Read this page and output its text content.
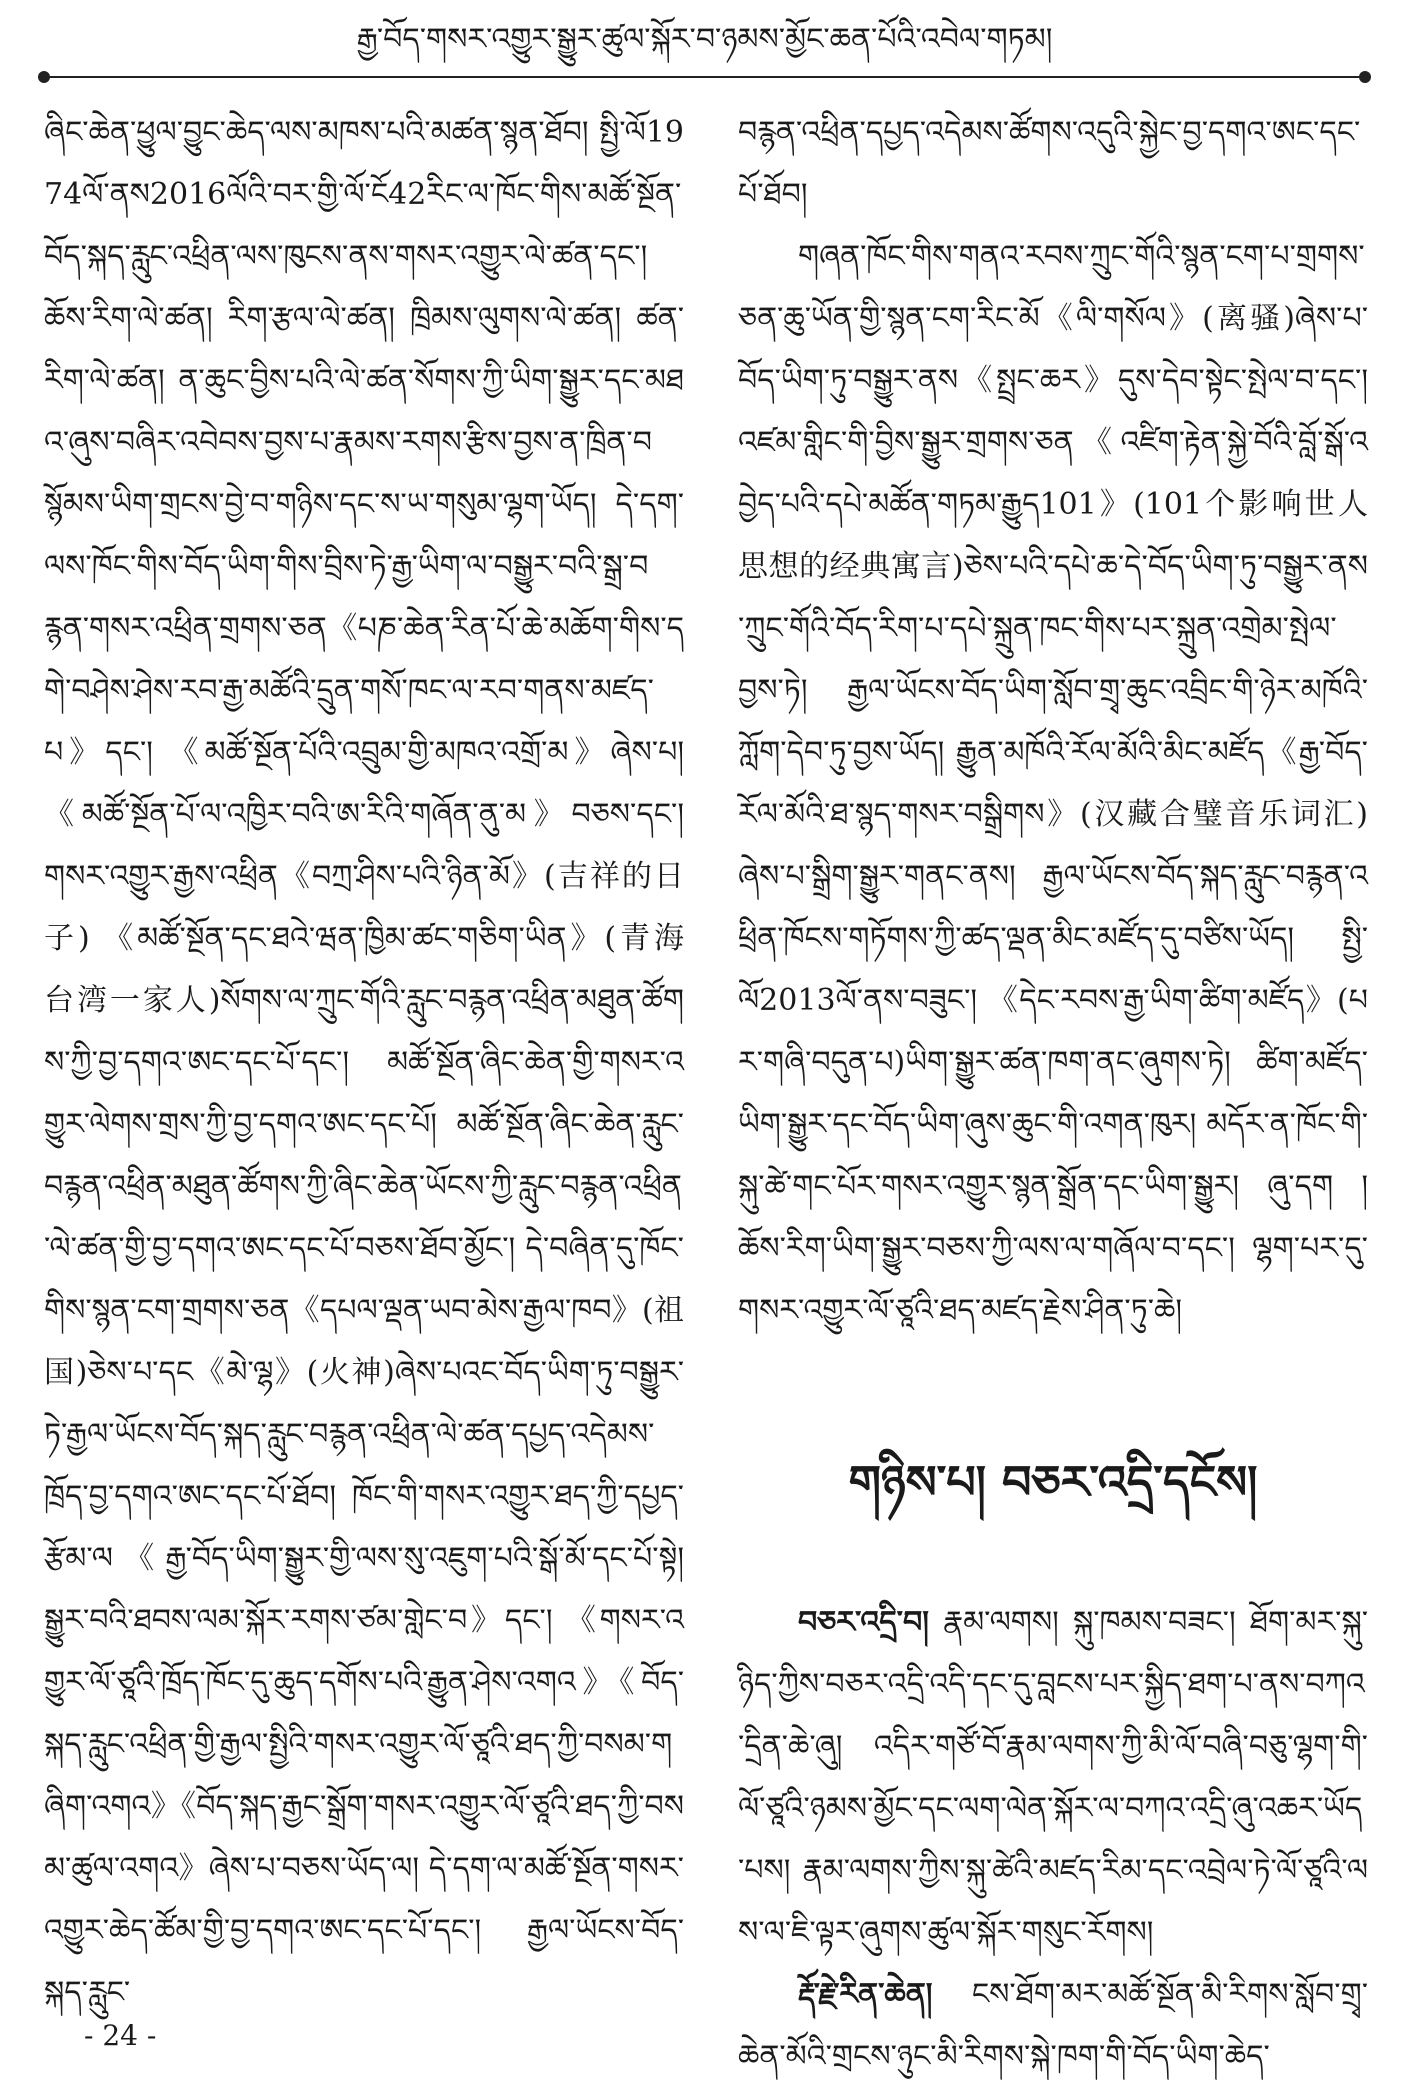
རྒྱ་བོད་གསར་འགྱུར་སྒྱུར་ཚུལ་སྐོར་བ་ཉམས་མྱོང་ཆན་པོའི་འབེལ་གཏམ།

ཞིང་ཆེན་ཕྱུལ་བྱུང་ཆེད་ལས་མཁས་པའི་མཚན་སྙན་ཐོབ། སྤྱི་ལོ1974ལོ་ནས2016ལོའི་བར་གྱི་ལོ་ངོ42རིང་ལ་ཁོང་གིས་མཚོ་སྔོན་བོད་སྐད་རླུང་འཕྲིན་ལས་ཁུངས་ནས་གསར་འགྱུར་ལེ་ཚན་དང་། ཆོས་རིག་ལེ་ཚན། རིག་རྩལ་ལེ་ཚན། ཁྲིམས་ལུགས་ལེ་ཚན། ཚན་རིག་ལེ་ཚན། ན་ཆུང་བྱིས་པའི་ལེ་ཚན་སོགས་ཀྱི་ཡིག་སྒྱུར་དང་མཐའ་ཞུས་བཞིར་འབེབས་བྱས་པ་རྣམས་རགས་རྩིས་བྱས་ན་ཁྲིན་བསྙོམས་ཡིག་གྲངས་བྱེ་བ་གཉིས་དང་ས་ཡ་གསུམ་ལྷག་ཡོད། དེ་དག་ལས་ཁོང་གིས་བོད་ཡིག་གིས་བྲིས་ཏེ་རྒྱ་ཡིག་ལ་བསྒྱུར་བའི་སྒྲ་བརྙན་གསར་འཕྲིན་གྲགས་ཅན《པཎ་ཆེན་རིན་པོ་ཆེ་མཆོག་གིས་དགེ་བཤེས་ཤེས་རབ་རྒྱ་མཚོའི་དྲུན་གསོ་ཁང་ལ་རབ་གནས་མཛད་པ》དང་། 《མཚོ་སྔོན་པོའི་འབྲུམ་གྱི་མཁའ་འགྲོ་མ》ཞེས་པ། 《མཚོ་སྔོན་པོ་ལ་འཁྱིར་བའི་ཨ་རིའི་གཞོན་ནུ་མ》བཅས་དང་། གསར་འགྱུར་རྒྱས་འཕྲིན《བཀྲ་ཤིས་པའི་ཉིན་མོ》(吉祥的日子) 《མཚོ་སྔོན་དང་ཐའེ་ཝན་ཁྱིམ་ཚང་གཅིག་ཡིན》(青海台湾一家人)སོགས་ལ་ཀྲུང་གོའི་རླུང་བརྙན་འཕྲིན་མཐུན་ཚོགས་ཀྱི་བྱ་དགའ་ཨང་དང་པོ་དང་། མཚོ་སྔོན་ཞིང་ཆེན་གྱི་གསར་འགྱུར་ལེགས་གྲས་ཀྱི་བྱ་དགའ་ཨང་དང་པོ། མཚོ་སྔོན་ཞིང་ཆེན་རླུང་བརྙན་འཕྲིན་མཐུན་ཚོགས་ཀྱི་ཞིང་ཆེན་ཡོངས་ཀྱི་རླུང་བརྙན་འཕྲིན་ལེ་ཚན་གྱི་བྱ་དགའ་ཨང་དང་པོ་བཅས་ཐོབ་མྱོང་། དེ་བཞིན་དུ་ཁོང་གིས་སྙན་ངག་གྲགས་ཅན《དཔལ་ལྡན་ཡབ་མེས་རྒྱལ་ཁབ》(祖国)ཅེས་པ་དང《མེ་ལྷ》(火神)ཞེས་པའང་བོད་ཡིག་ཏུ་བསྒྱུར་ཏེ་རྒྱལ་ཡོངས་བོད་སྐད་རླུང་བརྙན་འཕྲིན་ལེ་ཚན་དཔྱད་འདེམས་ཁྲོད་བྱ་དགའ་ཨང་དང་པོ་ཐོབ། ཁོང་གི་གསར་འགྱུར་ཐད་ཀྱི་དཔྱད་རྩོམ་ལ《རྒྱ་བོད་ཡིག་སྒྱུར་གྱི་ལས་སུ་འཇུག་པའི་སྒོ་མོ་དང་པོ་སྟེ། སྒྱུར་བའི་ཐབས་ལམ་སྐོར་རགས་ཙམ་གླེང་བ》དང་། 《གསར་འགྱུར་ལོ་ཙཱའི་ཁྲོད་ཁོང་དུ་ཆུད་དགོས་པའི་རྒྱུན་ཤེས་འགའ》《བོད་སྐད་རླུང་འཕྲིན་གྱི་རྒྱལ་སྤྱིའི་གསར་འགྱུར་ལོ་ཙཱའི་ཐད་ཀྱི་བསམ་གཞིག་འགའ》《བོད་སྐད་རྒྱང་སྒྲོག་གསར་འགྱུར་ལོ་ཙཱའི་ཐད་ཀྱི་བསམ་ཚུལ་འགའ》ཞེས་པ་བཅས་ཡོད་ལ། དེ་དག་ལ་མཚོ་སྔོན་གསར་འགྱུར་ཆེད་ཚོམ་གྱི་བྱ་དགའ་ཨང་དང་པོ་དང་། རྒྱལ་ཡོངས་བོད་སྐད་རླུང་

བརྙན་འཕྲིན་དཔྱད་འདེམས་ཚོགས་འདུའི་སྐྱེང་བྱ་དགའ་ཨང་དང་པོ་ཐོབ།

གཞན་ཁོང་གིས་གནའ་རབས་ཀྲུང་གོའི་སྙན་ངག་པ་གྲགས་ཅན་ཆུ་ཡོན་གྱི་སྙན་ངག་རིང་མོ《ལི་གསོལ》(离骚)ཞེས་པ་བོད་ཡིག་ཏུ་བསྒྱུར་ནས《སྤྲང་ཆར》དུས་དེབ་སྟེང་སྤེལ་བ་དང་། འཛམ་གླིང་གི་བྱིས་སྒྱུར་གྲགས་ཅན《འཛིག་རྟེན་སྐྱེ་བོའི་བློ་སྒོ་འབྱེད་པའི་དཔེ་མཚོན་གཏམ་རྒྱུད101》(101个影响世人思想的经典寓言)ཅེས་པའི་དཔེ་ཆ་དེ་བོད་ཡིག་ཏུ་བསྒྱུར་ནས་ཀྲུང་གོའི་བོད་རིག་པ་དཔེ་སྐྲུན་ཁང་གིས་པར་སྐྲུན་འགྲེམ་སྤེལ་བྱས་ཏེ། རྒྱལ་ཡོངས་བོད་ཡིག་སློབ་གྲྭ་ཆུང་འབྲིང་གི་ཉེར་མཁོའི་ཀློག་དེབ་ཏུ་བྱས་ཡོད། རྒྱུན་མཁོའི་རོལ་མོའི་མིང་མཛོད《རྒྱ་བོད་རོལ་མོའི་ཐ་སྙད་གསར་བསྒྲིགས》(汉藏合璧音乐词汇)ཞེས་པ་སྒྲིག་སྒྱུར་གནང་ནས། རྒྱལ་ཡོངས་བོད་སྐད་རླུང་བརྙན་འཕྲིན་ཁོངས་གཏོགས་ཀྱི་ཚད་ལྡན་མིང་མཛོད་དུ་བཙིས་ཡོད། སྤྱི་ལོ2013ལོ་ནས་བཟུང་། 《དེང་རབས་རྒྱ་ཡིག་ཚིག་མཛོད》(པར་གཞི་བདུན་པ)ཡིག་སྒྱུར་ཚན་ཁག་ནང་ཞུགས་ཏེ། ཚིག་མཛོད་ཡིག་སྒྱུར་དང་བོད་ཡིག་ཞུས་ཆུང་གི་འགན་ཁུར། མདོར་ན་ཁོང་གི་སྐུ་ཚེ་གང་པོར་གསར་འགྱུར་སྙན་སྒྲོན་དང་ཡིག་སྒྱུར། ཞུ་དག །ཆོས་རིག་ཡིག་སྒྱུར་བཅས་ཀྱི་ལས་ལ་གཞོལ་བ་དང་། ལྷག་པར་དུ་གསར་འགྱུར་ལོ་ཙཱའི་ཐད་མཛད་རྗེས་ཤིན་ཏུ་ཆེ།

གཉིས་པ། བཅར་འདྲི་དངོས།

བཅར་འདྲི་བ། རྣམ་ལགས། སྐུ་ཁམས་བཟང་། ཐོག་མར་སྐུ་ཉིད་ཀྱིས་བཅར་འདྲི་འདི་དང་དུ་བླངས་པར་སྐྱིད་ཐག་པ་ནས་བཀའ་དྲིན་ཆེ་ཞུ། འདིར་གཙོ་བོ་རྣམ་ལགས་ཀྱི་མི་ལོ་བཞི་བཅུ་ལྷག་གི་ལོ་ཙཱའི་ཉམས་མྱོང་དང་ལག་ལེན་སྐོར་ལ་བཀའ་འདྲི་ཞུ་འཆར་ཡོད་པས། རྣམ་ལགས་ཀྱིས་སྐུ་ཚེའི་མཛད་རིམ་དང་འབྲེལ་ཏེ་ལོ་ཙཱའི་ལས་ལ་ཇི་ལྟར་ཞུགས་ཚུལ་སྐོར་གསུང་རོགས།

རྡོ་རྗེ་རིན་ཆེན། ངས་ཐོག་མར་མཚོ་སྔོན་མི་རིགས་སློབ་གྲྭ་ཆེན་མོའི་གྲངས་ཉུང་མི་རིགས་སྐེ་ཁག་གི་བོད་ཡིག་ཆེད་

- 24 -
